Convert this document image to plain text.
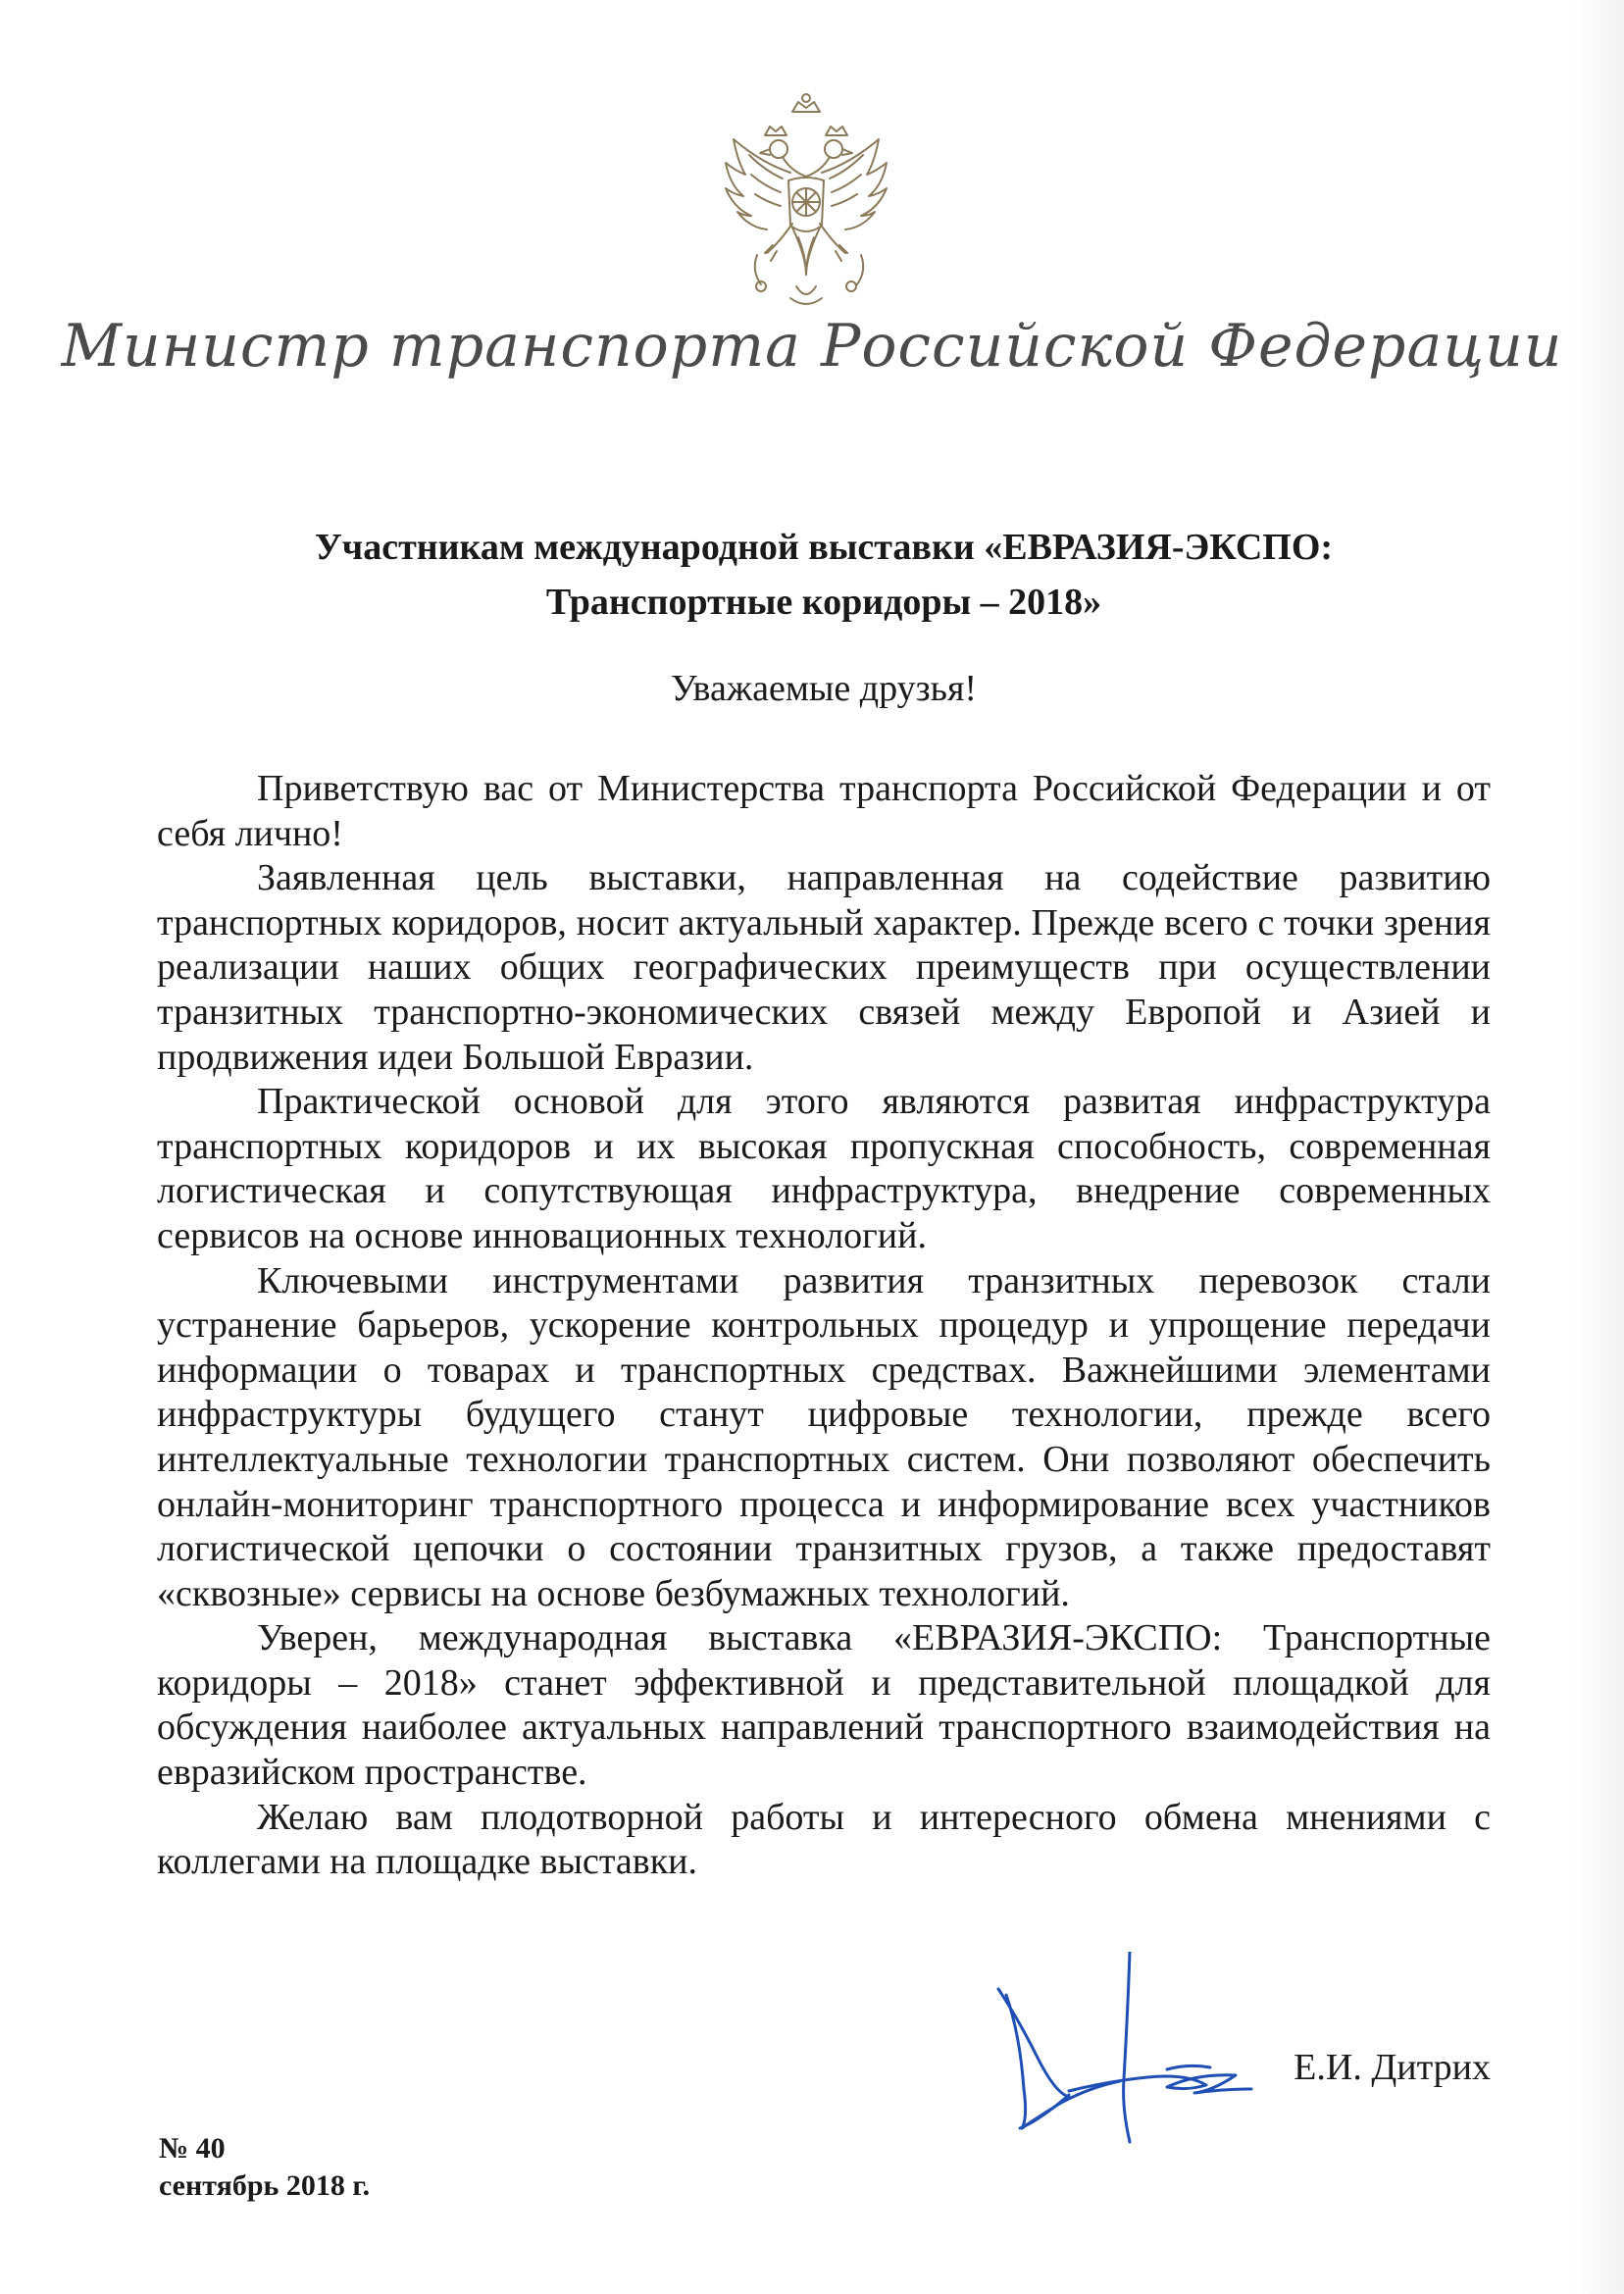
Министр транспорта Российской Федерации
Участникам международной выставки «ЕВРАЗИЯ-ЭКСПО:
Транспортные коридоры – 2018»
Уважаемые друзья!

Приветствую вас от Министерства транспорта Российской Федерации и от себя лично!

Заявленная цель выставки, направленная на содействие развитию транспортных коридоров, носит актуальный характер. Прежде всего с точки зрения реализации наших общих географических преимуществ при осуществлении транзитных транспортно-экономических связей между Европой и Азией и продвижения идеи Большой Евразии.

Практической основой для этого являются развитая инфраструктура транспортных коридоров и их высокая пропускная способность, современная логистическая и сопутствующая инфраструктура, внедрение современных сервисов на основе инновационных технологий.

Ключевыми инструментами развития транзитных перевозок стали устранение барьеров, ускорение контрольных процедур и упрощение передачи информации о товарах и транспортных средствах. Важнейшими элементами инфраструктуры будущего станут цифровые технологии, прежде всего интеллектуальные технологии транспортных систем. Они позволяют обеспечить онлайн-мониторинг транспортного процесса и информирование всех участников логистической цепочки о состоянии транзитных грузов, а также предоставят «сквозные» сервисы на основе безбумажных технологий.

Уверен, международная выставка «ЕВРАЗИЯ-ЭКСПО: Транспортные коридоры – 2018» станет эффективной и представительной площадкой для обсуждения наиболее актуальных направлений транспортного взаимодействия на евразийском пространстве.

Желаю вам плодотворной работы и интересного обмена мнениями с коллегами на площадке выставки.

Е.И. Дитрих
№ 40
сентябрь 2018 г.
